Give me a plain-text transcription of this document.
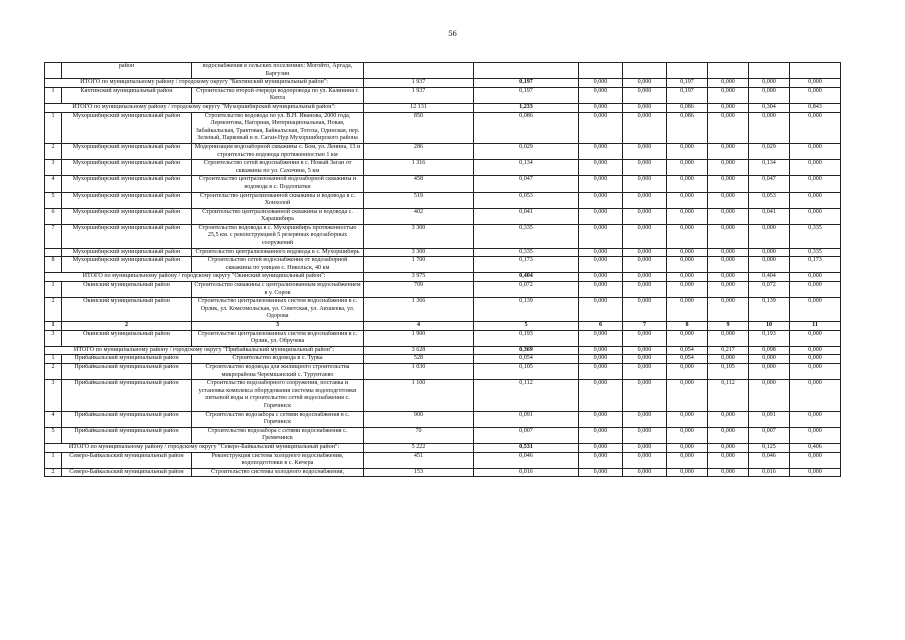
56
	район	водоснабжения в сельских поселениях: Могойто, Аргада, Баргузин								
ИТОГО по муниципальному району / городскому округу "Кяхтинский муниципальный район":			1 937	0,197	0,000	0,000	0,197	0,000	0,000	0,000
1	Кяхтинский муниципальный район	Строительство второй очереди водопровода по ул. Калинина г. Кяхта	1 937	0,197	0,000	0,000	0,197	0,000	0,000	0,000
ИТОГО по муниципальному району / городскому округу "Мухоршибирский муниципальный район":			12 131	1,233	0,000	0,000	0,086	0,000	0,304	0,843
1	Мухоршибирский муниципальный район	Строительство водовода по ул. В.Н. Иванова, 2000 года, Лермонтова, Нагорная, Интернациональная, Новая, Забайкальская, Трактовая, Байкальская, Тотоха, Одинская, пер. Зеленый, Парковый в п. Саган-Нур Мухоршибирского района	850	0,086	0,000	0,000	0,086	0,000	0,000	0,000
2	Мухоршибирский муниципальный район	Модернизация водозаборной скважины с. Бом, ул. Ленина, 13 и строительство водовода протяженностью 1 км	286	0,029	0,000	0,000	0,000	0,000	0,029	0,000
3	Мухоршибирский муниципальный район	Строительство сетей водоснабжения в с. Новый Заган от скважины по ул. Сахочина, 5 км	1 316	0,134	0,000	0,000	0,000	0,000	0,134	0,000
4	Мухоршибирский муниципальный район	Строительство централизованной водозаборной скважины и водовода в с. Подлопатки	458	0,047	0,000	0,000	0,000	0,000	0,047	0,000
5	Мухоршибирский муниципальный район	Строительство централизованной скважины и водовода в с. Хонхолой	519	0,053	0,000	0,000	0,000	0,000	0,053	0,000
6	Мухоршибирский муниципальный район	Строительство централизованной скважины и водовода с. Харашибирь	402	0,041	0,000	0,000	0,000	0,000	0,041	0,000
7	Мухоршибирский муниципальный район	Строительство водовода в с. Мухоршибирь протяженностью 25,5 км. с реконструкцией 5 резервных водозаборных сооружений	3 300	0,335	0,000	0,000	0,000	0,000	0,000	0,335
	Мухоршибирский муниципальный район	Строительство централизованного водовода в с. Мухоршибирь	3 300	0,335	0,000	0,000	0,000	0,000	0,000	0,335
8	Мухоршибирский муниципальный район	Строительство сетей водоснабжения от водозаборной скважины по улицам с. Никольск, 40 км	1 700	0,173	0,000	0,000	0,000	0,000	0,000	0,173
ИТОГО по муниципальному району / городскому округу "Окинский муниципальный район":			3 975	0,404	0,000	0,000	0,000	0,000	0,404	0,000
1	Окинский муниципальный район	Строительство скважины с централизованным водоснабжением в у. Сорок	709	0,072	0,000	0,000	0,000	0,000	0,072	0,000
2	Окинский муниципальный район	Строительство централизованных систем водоснабжения в с. Орлик, ул. Комсомольская, ул. Советская, ул. Аюшеева, ул. Одорова	1 366	0,139	0,000	0,000	0,000	0,000	0,139	0,000
1	2	3	4	5	6	7	8	9	10	11
3	Окинский муниципальный район	Строительство централизованных систем водоснабжения в с. Орлик, ул. Обручева	1 900	0,193	0,000	0,000	0,000	0,000	0,193	0,000
ИТОГО по муниципальному району / городскому округу "Прибайкальский муниципальный район":			3 628	0,369	0,000	0,000	0,054	0,217	0,098	0,000
1	Прибайкальский муниципальный район	Строительство водовода в с. Турка	528	0,054	0,000	0,000	0,054	0,000	0,000	0,000
2	Прибайкальский муниципальный район	Строительство водовода для жилищного строительства микрорайона Черемшанский с. Турунтаево	1 030	0,105	0,000	0,000	0,000	0,105	0,000	0,000
3	Прибайкальский муниципальный район	Строительство водозаборного сооружения, поставка и установка комплекса оборудования системы водоподготовки питьевой воды и строительство сетей водоснабжения с. Горячинск	1 100	0,112	0,000	0,000	0,000	0,112	0,000	0,000
4	Прибайкальский муниципальный район	Строительство водозабора с сетями водоснабжения в с. Горячинск	900	0,091	0,000	0,000	0,000	0,000	0,091	0,000
5	Прибайкальский муниципальный район	Строительство водозабора с сетями водоснабжения с. Гремячинск	70	0,007	0,000	0,000	0,000	0,000	0,007	0,000
ИТОГО по муниципальному району / городскому округу "Северо-Байкальский муниципальный район":			5 222	0,531	0,000	0,000	0,000	0,000	0,125	0,406
1	Северо-Байкальский муниципальный район	Реконструкция система холодного водоснабжения, водоподготовки в с. Кичера	451	0,046	0,000	0,000	0,000	0,000	0,046	0,000
2	Северо-Байкальский муниципальный район	Строительство системы холодного водоснабжения,	153	0,016	0,000	0,000	0,000	0,000	0,016	0,000
